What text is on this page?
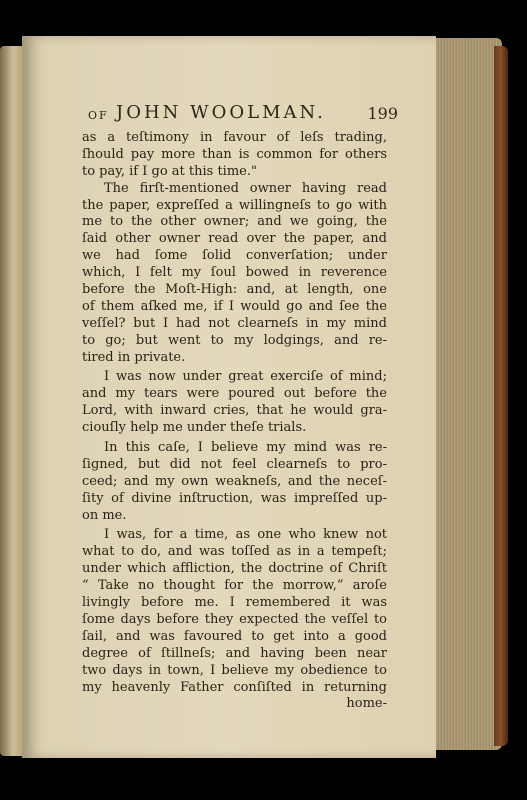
OF JOHN WOOLMAN.	199
as a teſtimony in favour of leſs trading,
ſhould pay more than is common for others
to pay, if I go at this time."
The firſt-mentioned owner having read
the paper, expreſſed a willingneſs to go with
me to the other owner; and we going, the
ſaid other owner read over the paper, and
we had ſome ſolid converſation; under
which, I felt my ſoul bowed in reverence
before the Moſt-High: and, at length, one
of them aſked me, if I would go and ſee the
veſſel? but I had not clearneſs in my mind
to go; but went to my lodgings, and re-
tired in private.
I was now under great exerciſe of mind;
and my tears were poured out before the
Lord, with inward cries, that he would gra-
ciouſly help me under theſe trials.
In this caſe, I believe my mind was re-
ſigned, but did not feel clearneſs to pro-
ceed; and my own weakneſs, and the neceſ-
ſity of divine inſtruction, was impreſſed up-
on me.
I was, for a time, as one who knew not
what to do, and was toſſed as in a tempeſt;
under which affliction, the doctrine of Chriſt
“ Take no thought for the morrow,” aroſe
livingly before me. I remembered it was
ſome days before they expected the veſſel to
ſail, and was favoured to get into a good
degree of ſtillneſs; and having been near
two days in town, I believe my obedience to
my heavenly Father conſiſted in returning
home-
